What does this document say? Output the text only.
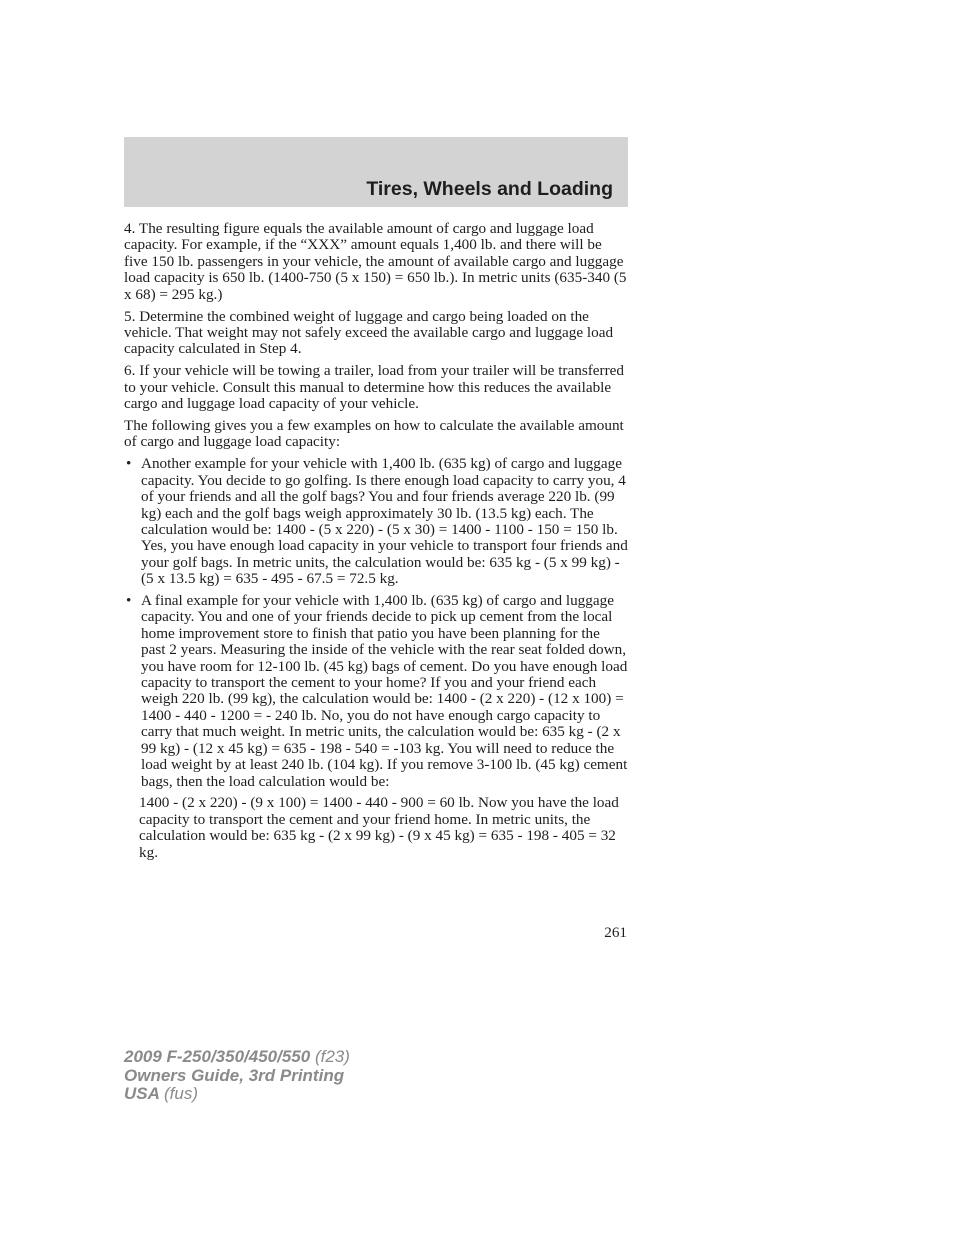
Tires, Wheels and Loading

4. The resulting figure equals the available amount of cargo and luggage load capacity. For example, if the “XXX” amount equals 1,400 lb. and there will be five 150 lb. passengers in your vehicle, the amount of available cargo and luggage load capacity is 650 lb. (1400-750 (5 x 150) = 650 lb.). In metric units (635-340 (5 x 68) = 295 kg.)

5. Determine the combined weight of luggage and cargo being loaded on the vehicle. That weight may not safely exceed the available cargo and luggage load capacity calculated in Step 4.

6. If your vehicle will be towing a trailer, load from your trailer will be transferred to your vehicle. Consult this manual to determine how this reduces the available cargo and luggage load capacity of your vehicle.

The following gives you a few examples on how to calculate the available amount of cargo and luggage load capacity:

• Another example for your vehicle with 1,400 lb. (635 kg) of cargo and luggage capacity. You decide to go golfing. Is there enough load capacity to carry you, 4 of your friends and all the golf bags? You and four friends average 220 lb. (99 kg) each and the golf bags weigh approximately 30 lb. (13.5 kg) each. The calculation would be: 1400 - (5 x 220) - (5 x 30) = 1400 - 1100 - 150 = 150 lb. Yes, you have enough load capacity in your vehicle to transport four friends and your golf bags. In metric units, the calculation would be: 635 kg - (5 x 99 kg) - (5 x 13.5 kg) = 635 - 495 - 67.5 = 72.5 kg.
• A final example for your vehicle with 1,400 lb. (635 kg) of cargo and luggage capacity. You and one of your friends decide to pick up cement from the local home improvement store to finish that patio you have been planning for the past 2 years. Measuring the inside of the vehicle with the rear seat folded down, you have room for 12-100 lb. (45 kg) bags of cement. Do you have enough load capacity to transport the cement to your home? If you and your friend each weigh 220 lb. (99 kg), the calculation would be: 1400 - (2 x 220) - (12 x 100) = 1400 - 440 - 1200 = - 240 lb. No, you do not have enough cargo capacity to carry that much weight. In metric units, the calculation would be: 635 kg - (2 x 99 kg) - (12 x 45 kg) = 635 - 198 - 540 = -103 kg. You will need to reduce the load weight by at least 240 lb. (104 kg). If you remove 3-100 lb. (45 kg) cement bags, then the load calculation would be:

1400 - (2 x 220) - (9 x 100) = 1400 - 440 - 900 = 60 lb. Now you have the load capacity to transport the cement and your friend home. In metric units, the calculation would be: 635 kg - (2 x 99 kg) - (9 x 45 kg) = 635 - 198 - 405 = 32 kg.

261
2009 F-250/350/450/550 (f23)
Owners Guide, 3rd Printing
USA (fus)
